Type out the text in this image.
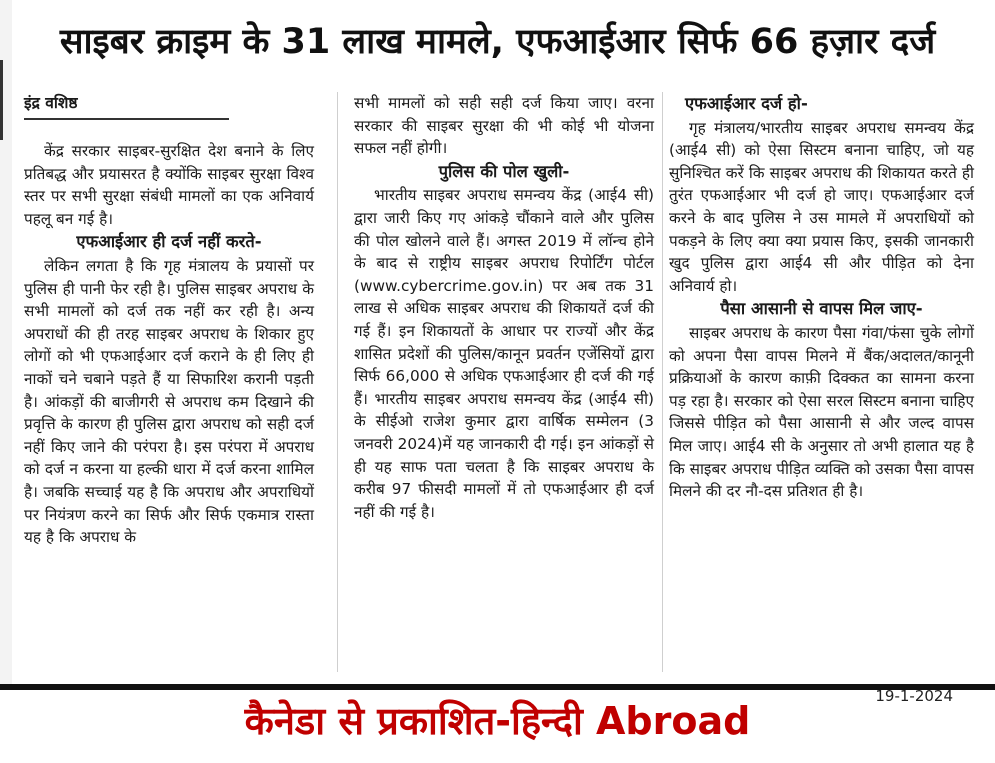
साइबर क्राइम के 31 लाख मामले, एफआईआर सिर्फ 66 हज़ार दर्ज
इंद्र वशिष्ठ

केंद्र सरकार साइबर-सुरक्षित देश बनाने के लिए प्रतिबद्ध और प्रयासरत है क्योंकि साइबर सुरक्षा विश्व स्तर पर सभी सुरक्षा संबंधी मामलों का एक अनिवार्य पहलू बन गई है।

एफआईआर ही दर्ज नहीं करते-

लेकिन लगता है कि गृह मंत्रालय के प्रयासों पर पुलिस ही पानी फेर रही है। पुलिस साइबर अपराध के सभी मामलों को दर्ज तक नहीं कर रही है। अन्य अपराधों की ही तरह साइबर अपराध के शिकार हुए लोगों को भी एफआईआर दर्ज कराने के ही लिए ही नाकों चने चबाने पड़ते हैं या सिफारिश करानी पड़ती है। आंकड़ों की बाजीगरी से अपराध कम दिखाने की प्रवृत्ति के कारण ही पुलिस द्वारा अपराध को सही दर्ज नहीं किए जाने की परंपरा है। इस परंपरा में अपराध को दर्ज न करना या हल्की धारा में दर्ज करना शामिल है। जबकि सच्चाई यह है कि अपराध और अपराधियों पर नियंत्रण करने का सिर्फ और सिर्फ एकमात्र रास्ता यह है कि अपराध के

सभी मामलों को सही सही दर्ज किया जाए। वरना सरकार की साइबर सुरक्षा की भी कोई भी योजना सफल नहीं होगी।

पुलिस की पोल खुली-

भारतीय साइबर अपराध समन्वय केंद्र (आई4 सी) द्वारा जारी किए गए आंकड़े चौंकाने वाले और पुलिस की पोल खोलने वाले हैं। अगस्त 2019 में लॉन्च होने के बाद से राष्ट्रीय साइबर अपराध रिपोर्टिंग पोर्टल (www.cybercrime.gov.in) पर अब तक 31 लाख से अधिक साइबर अपराध की शिकायतें दर्ज की गई हैं। इन शिकायतों के आधार पर राज्यों और केंद्र शासित प्रदेशों की पुलिस/कानून प्रवर्तन एजेंसियों द्वारा सिर्फ 66,000 से अधिक एफआईआर ही दर्ज की गई हैं। भारतीय साइबर अपराध समन्वय केंद्र (आई4 सी) के सीईओ राजेश कुमार द्वारा वार्षिक सम्मेलन (3 जनवरी 2024)में यह जानकारी दी गई। इन आंकड़ों से ही यह साफ पता चलता है कि साइबर अपराध के करीब 97 फीसदी मामलों में तो एफआईआर ही दर्ज नहीं की गई है।

एफआईआर दर्ज हो-

गृह मंत्रालय/भारतीय साइबर अपराध समन्वय केंद्र (आई4 सी) को ऐसा सिस्टम बनाना चाहिए, जो यह सुनिश्चित करें कि साइबर अपराध की शिकायत करते ही तुरंत एफआईआर भी दर्ज हो जाए। एफआईआर दर्ज करने के बाद पुलिस ने उस मामले में अपराधियों को पकड़ने के लिए क्या क्या प्रयास किए, इसकी जानकारी खुद पुलिस द्वारा आई4 सी और पीड़ित को देना अनिवार्य हो।

पैसा आसानी से वापस मिल जाए-

साइबर अपराध के कारण पैसा गंवा/फंसा चुके लोगों को अपना पैसा वापस मिलने में बैंक/अदालत/कानूनी प्रक्रियाओं के कारण काफ़ी दिक्कत का सामना करना पड़ रहा है। सरकार को ऐसा सरल सिस्टम बनाना चाहिए जिससे पीड़ित को पैसा आसानी से और जल्द वापस मिल जाए। आई4 सी के अनुसार तो अभी हालात यह है कि साइबर अपराध पीड़ित व्यक्ति को उसका पैसा वापस मिलने की दर नौ-दस प्रतिशत ही है।

19-1-2024
कैनेडा से प्रकाशित-हिन्दी Abroad
